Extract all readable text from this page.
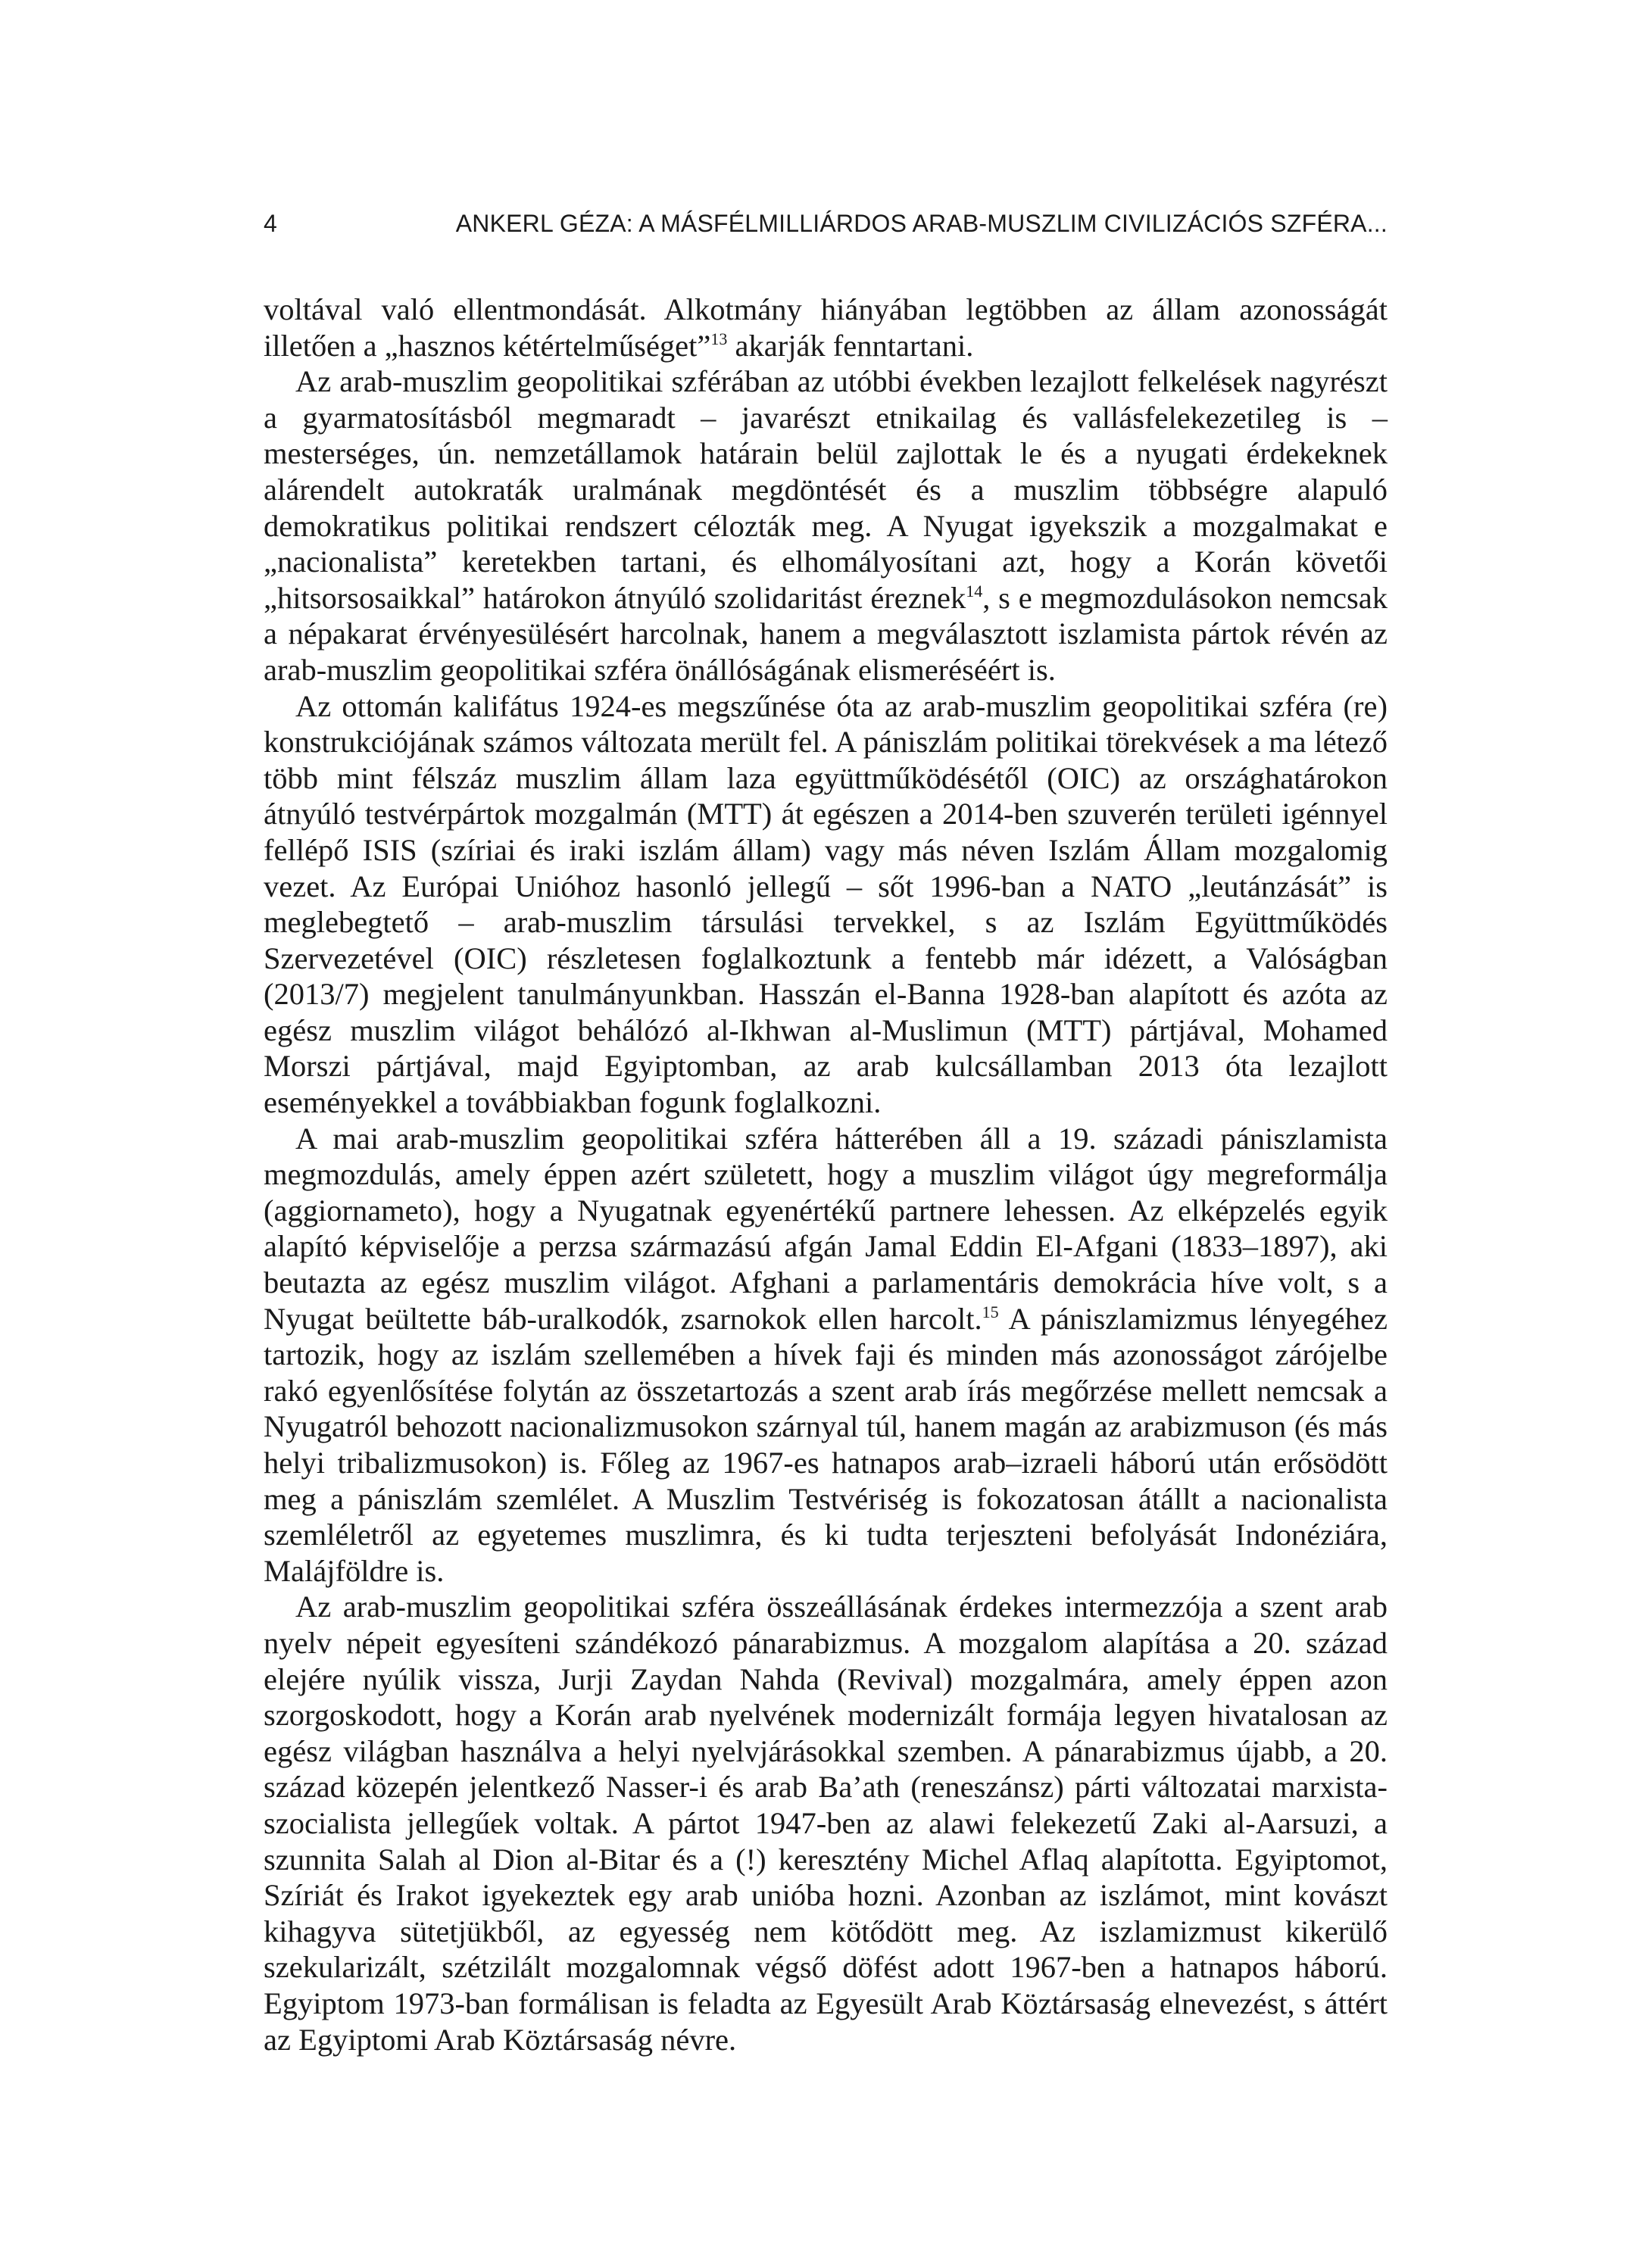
4	ANKERL GÉZA: A MÁSFÉLMILLIÁRDOS ARAB-MUSZLIM CIVILIZÁCIÓS SZFÉRA...

voltával való ellentmondását. Alkotmány hiányában legtöbben az állam azonosságát illetően a „hasznos kétértelműséget”$^{13}$ akarják fenntartani.

Az arab-muszlim geopolitikai szférában az utóbbi években lezajlott felkelések nagyrészt a gyarmatosításból megmaradt – javarészt etnikailag és vallásfelekezetileg is – mesterséges, ún. nemzetállamok határain belül zajlottak le és a nyugati érdekeknek alárendelt autokraták uralmának megdöntését és a muszlim többségre alapuló demokratikus politikai rendszert célozták meg. A Nyugat igyekszik a mozgalmakat e „nacionalista” keretekben tartani, és elhomályosítani azt, hogy a Korán követői „hitsorsosaikkal” határokon átnyúló szolidaritást éreznek$^{14}$, s e megmozdulásokon nemcsak a népakarat érvényesülésért harcolnak, hanem a megválasztott iszlamista pártok révén az arab-muszlim geopolitikai szféra önállóságának elismeréséért is.

Az ottomán kalifátus 1924-es megszűnése óta az arab-muszlim geopolitikai szféra (re) konstrukciójának számos változata merült fel. A pániszlám politikai törekvések a ma létező több mint félszáz muszlim állam laza együttműködésétől (OIC) az országhatárokon átnyúló testvérpártok mozgalmán (MTT) át egészen a 2014-ben szuverén területi igénnyel fellépő ISIS (szíriai és iraki iszlám állam) vagy más néven Iszlám Állam mozgalomig vezet. Az Európai Unióhoz hasonló jellegű – sőt 1996-ban a NATO „leutánzását” is meglebegtető – arab-muszlim társulási tervekkel, s az Iszlám Együttműködés Szervezetével (OIC) részletesen foglalkoztunk a fentebb már idézett, a Valóságban (2013/7) megjelent tanulmányunkban. Hasszán el-Banna 1928-ban alapított és azóta az egész muszlim világot behálózó al-Ikhwan al-Muslimun (MTT) pártjával, Mohamed Morszi pártjával, majd Egyiptomban, az arab kulcsállamban 2013 óta lezajlott eseményekkel a továbbiakban fogunk foglalkozni.

A mai arab-muszlim geopolitikai szféra hátterében áll a 19. századi pániszlamista megmozdulás, amely éppen azért született, hogy a muszlim világot úgy megreformálja (aggiornameto), hogy a Nyugatnak egyenértékű partnere lehessen. Az elképzelés egyik alapító képviselője a perzsa származású afgán Jamal Eddin El-Afgani (1833–1897), aki beutazta az egész muszlim világot. Afghani a parlamentáris demokrácia híve volt, s a Nyugat beültette báb-uralkodók, zsarnokok ellen harcolt.$^{15}$ A pániszlamizmus lényegéhez tartozik, hogy az iszlám szellemében a hívek faji és minden más azonosságot zárójelbe rakó egyenlősítése folytán az összetartozás a szent arab írás megőrzése mellett nemcsak a Nyugatról behozott nacionalizmusokon szárnyal túl, hanem magán az arabizmuson (és más helyi tribalizmusokon) is. Főleg az 1967-es hatnapos arab–izraeli háború után erősödött meg a pániszlám szemlélet. A Muszlim Testvériség is fokozatosan átállt a nacionalista szemléletről az egyetemes muszlimra, és ki tudta terjeszteni befolyását Indonéziára, Malájföldre is.

Az arab-muszlim geopolitikai szféra összeállásának érdekes intermezzója a szent arab nyelv népeit egyesíteni szándékozó pánarabizmus. A mozgalom alapítása a 20. század elejére nyúlik vissza, Jurji Zaydan Nahda (Revival) mozgalmára, amely éppen azon szorgoskodott, hogy a Korán arab nyelvének modernizált formája legyen hivatalosan az egész világban használva a helyi nyelvjárásokkal szemben. A pánarabizmus újabb, a 20. század közepén jelentkező Nasser-i és arab Ba’ath (reneszánsz) párti változatai marxista-szocialista jellegűek voltak. A pártot 1947-ben az alawi felekezetű Zaki al-Aarsuzi, a szunnita Salah al Dion al-Bitar és a (!) keresztény Michel Aflaq alapította. Egyiptomot, Szíriát és Irakot igyekeztek egy arab unióba hozni. Azonban az iszlámot, mint kovászt kihagyva sütetjükből, az egyesség nem kötődött meg. Az iszlamizmust kikerülő szekularizált, szétzilált mozgalomnak végső döfést adott 1967-ben a hatnapos háború. Egyiptom 1973-ban formálisan is feladta az Egyesült Arab Köztársaság elnevezést, s áttért az Egyiptomi Arab Köztársaság névre.
